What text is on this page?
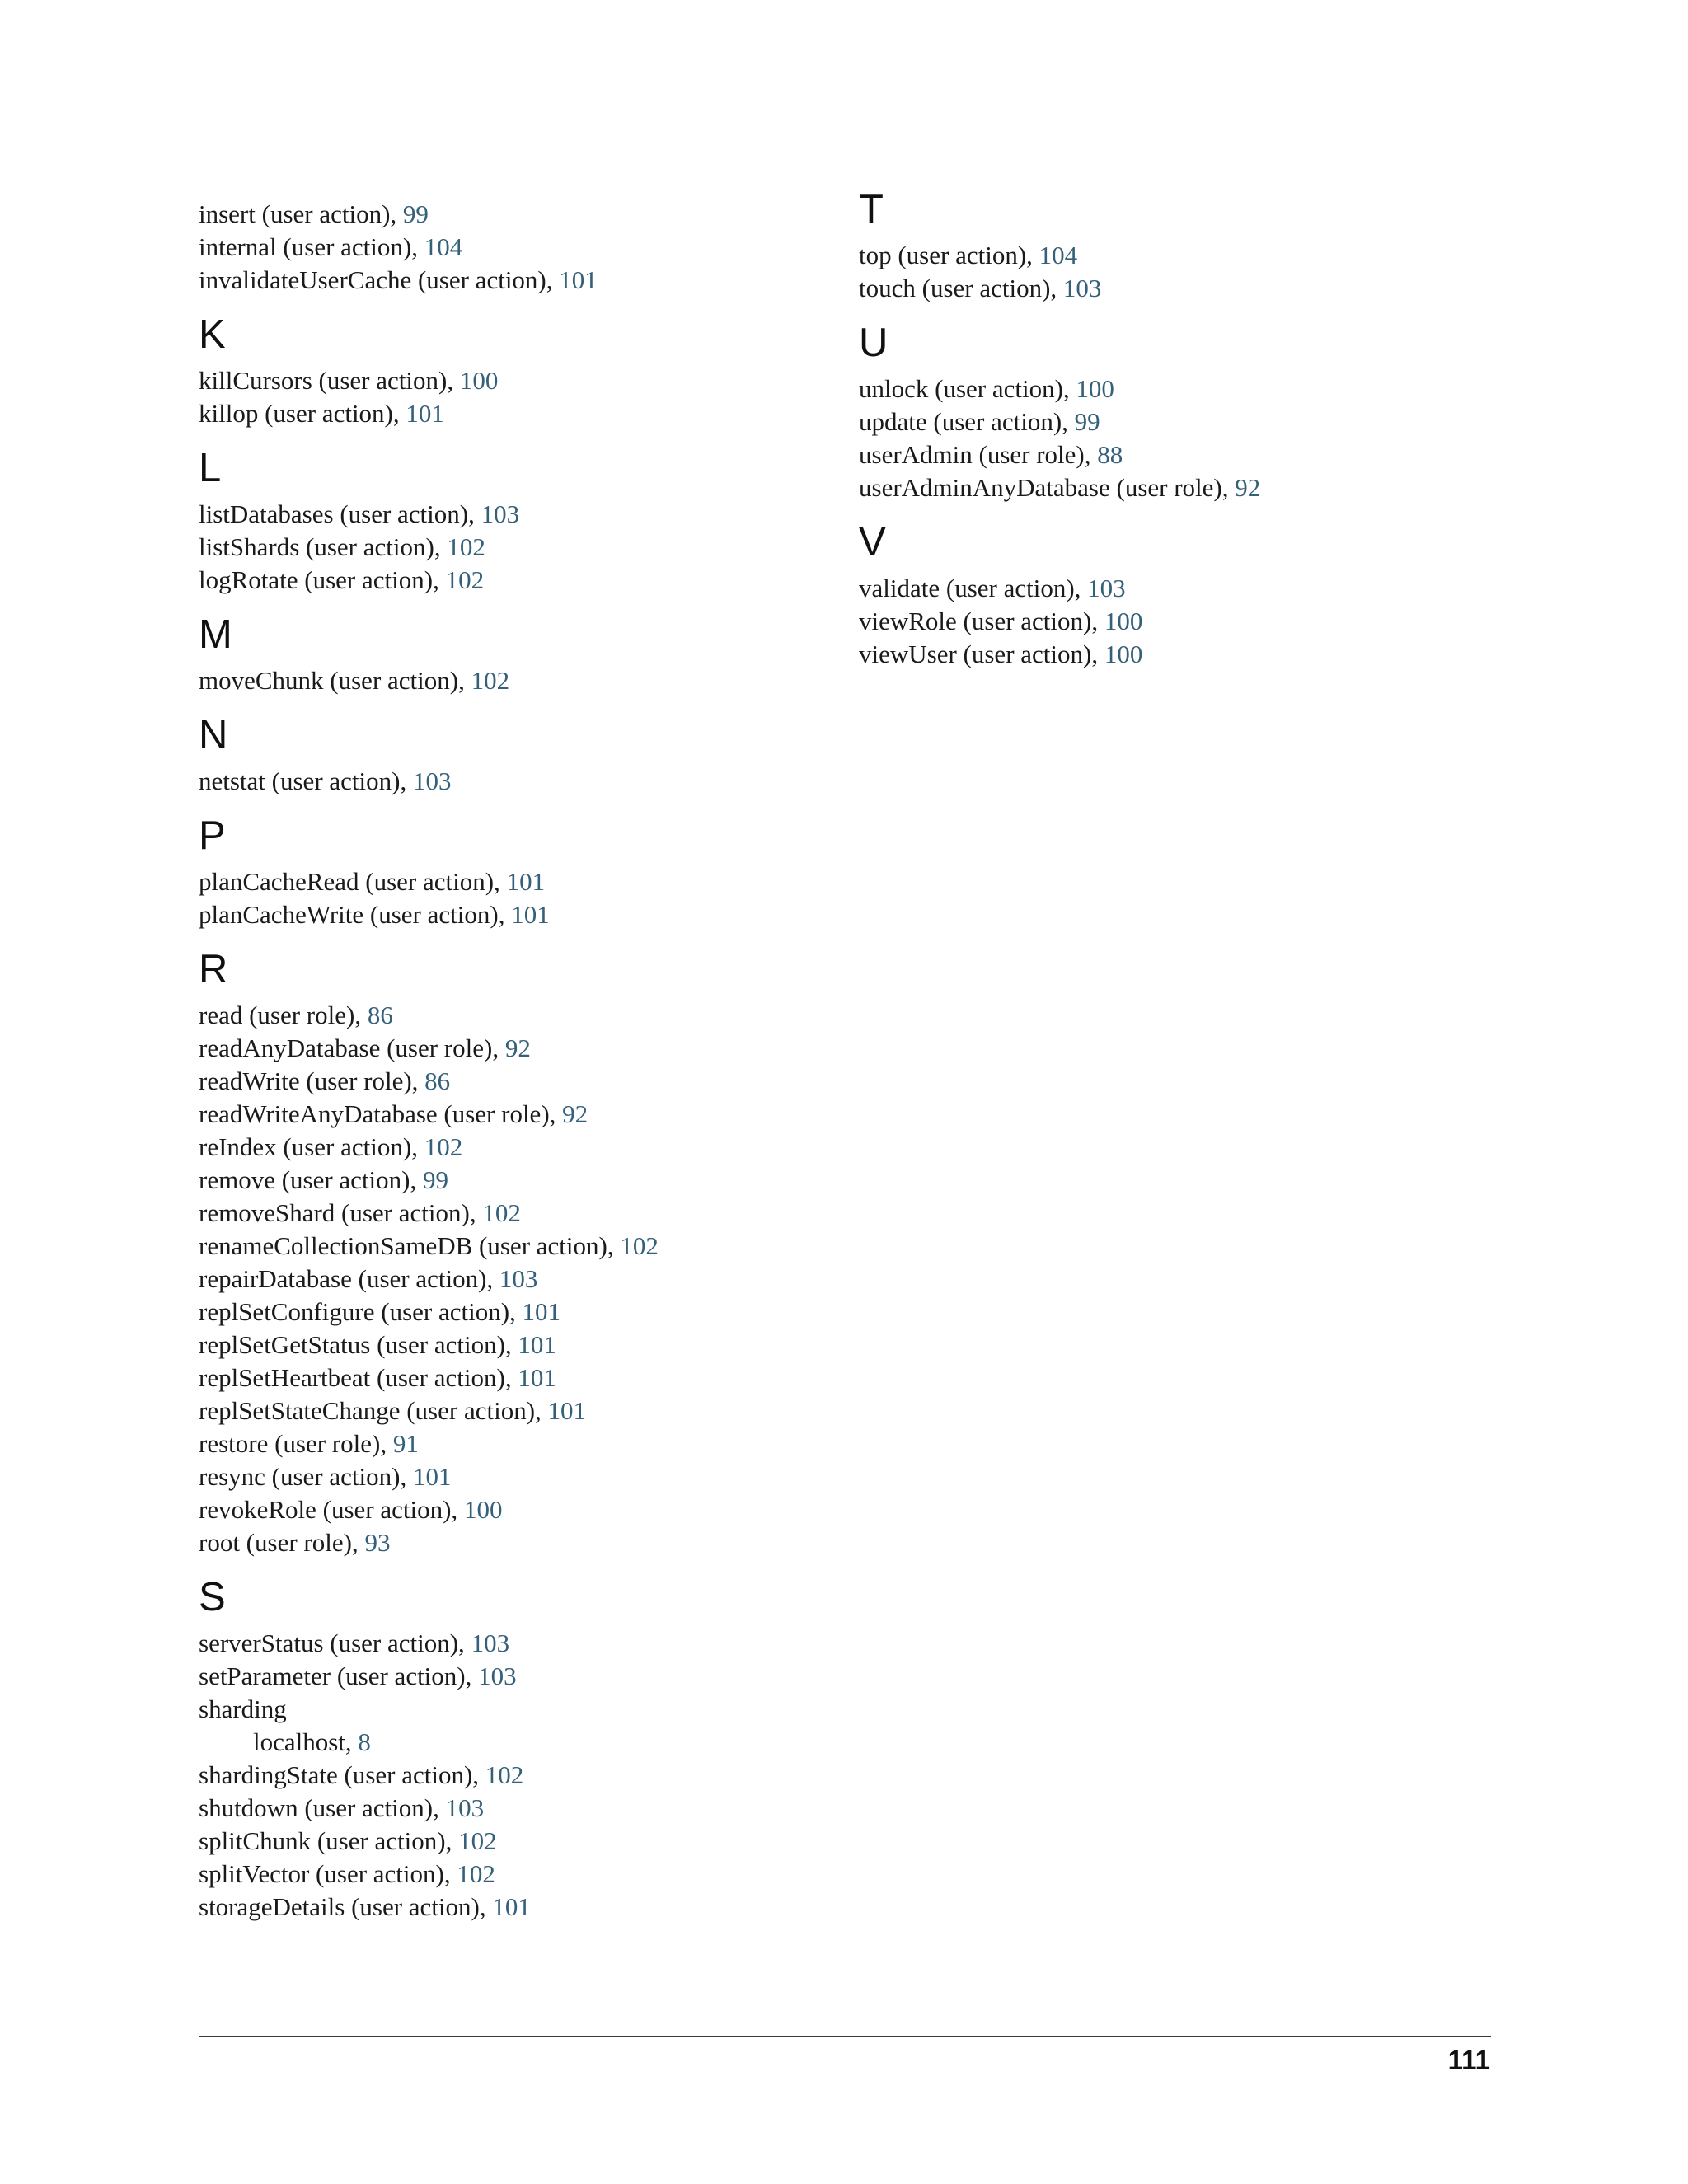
insert (user action), 99
internal (user action), 104
invalidateUserCache (user action), 101
K
killCursors (user action), 100
killop (user action), 101
L
listDatabases (user action), 103
listShards (user action), 102
logRotate (user action), 102
M
moveChunk (user action), 102
N
netstat (user action), 103
P
planCacheRead (user action), 101
planCacheWrite (user action), 101
R
read (user role), 86
readAnyDatabase (user role), 92
readWrite (user role), 86
readWriteAnyDatabase (user role), 92
reIndex (user action), 102
remove (user action), 99
removeShard (user action), 102
renameCollectionSameDB (user action), 102
repairDatabase (user action), 103
replSetConfigure (user action), 101
replSetGetStatus (user action), 101
replSetHeartbeat (user action), 101
replSetStateChange (user action), 101
restore (user role), 91
resync (user action), 101
revokeRole (user action), 100
root (user role), 93
S
serverStatus (user action), 103
setParameter (user action), 103
sharding
localhost, 8
shardingState (user action), 102
shutdown (user action), 103
splitChunk (user action), 102
splitVector (user action), 102
storageDetails (user action), 101
T
top (user action), 104
touch (user action), 103
U
unlock (user action), 100
update (user action), 99
userAdmin (user role), 88
userAdminAnyDatabase (user role), 92
V
validate (user action), 103
viewRole (user action), 100
viewUser (user action), 100
111
